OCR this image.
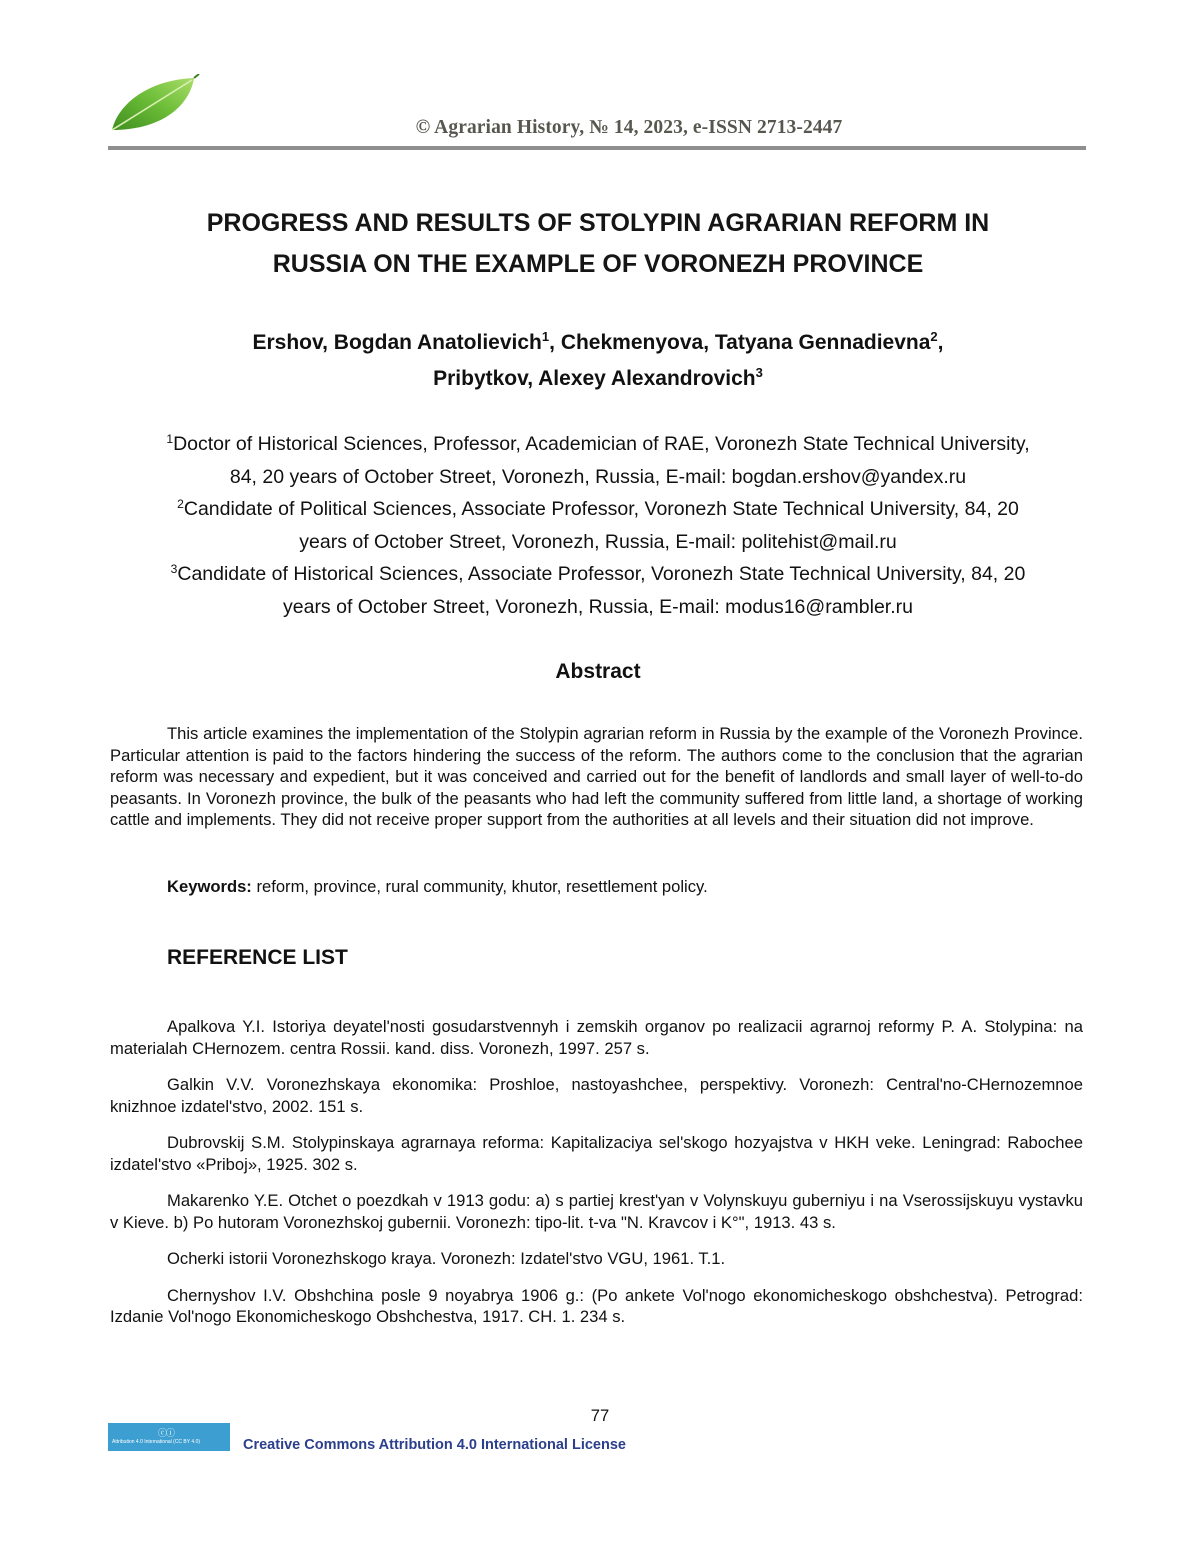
© Agrarian History, № 14, 2023, e-ISSN 2713-2447
PROGRESS AND RESULTS OF STOLYPIN AGRARIAN REFORM IN
RUSSIA ON THE EXAMPLE OF VORONEZH PROVINCE
Ershov, Bogdan Anatolievich$^1$, Chekmenyova, Tatyana Gennadievna$^2$,
Pribytkov, Alexey Alexandrovich$^3$
$^1$Doctor of Historical Sciences, Professor, Academician of RAE, Voronezh State Technical University,
84, 20 years of October Street, Voronezh, Russia, E-mail: bogdan.ershov@yandex.ru
$^2$Candidate of Political Sciences, Associate Professor, Voronezh State Technical University, 84, 20
years of October Street, Voronezh, Russia, E-mail: politehist@mail.ru
$^3$Candidate of Historical Sciences, Associate Professor, Voronezh State Technical University, 84, 20
years of October Street, Voronezh, Russia, E-mail: modus16@rambler.ru
Abstract

This article examines the implementation of the Stolypin agrarian reform in Russia by the example of the Voronezh Province. Particular attention is paid to the factors hindering the success of the reform. The authors come to the conclusion that the agrarian reform was necessary and expedient, but it was conceived and carried out for the benefit of landlords and small layer of well-to-do peasants. In Voronezh province, the bulk of the peasants who had left the community suffered from little land, a shortage of working cattle and implements. They did not receive proper support from the authorities at all levels and their situation did not improve.

Keywords: reform, province, rural community, khutor, resettlement policy.
REFERENCE LIST

Apalkova Y.I. Istoriya deyatel'nosti gosudarstvennyh i zemskih organov po realizacii agrarnoj reformy P. A. Stolypina: na materialah CHernozem. centra Rossii. kand. diss. Voronezh, 1997. 257 s.

Galkin V.V. Voronezhskaya ekonomika: Proshloe, nastoyashchee, perspektivy. Voronezh: Central'no-CHernozemnoe knizhnoe izdatel'stvo, 2002. 151 s.

Dubrovskij S.M. Stolypinskaya agrarnaya reforma: Kapitalizaciya sel'skogo hozyajstva v HKH veke. Leningrad: Rabochee izdatel'stvo «Priboj», 1925. 302 s.

Makarenko Y.E. Otchet o poezdkah v 1913 godu: a) s partiej krest'yan v Volynskuyu guberniyu i na Vserossijskuyu vystavku v Kieve. b) Po hutoram Voronezhskoj gubernii. Voronezh: tipo-lit. t-va "N. Kravcov i K°", 1913. 43 s.

Ocherki istorii Voronezhskogo kraya. Voronezh: Izdatel'stvo VGU, 1961. T.1.

Chernyshov I.V. Obshchina posle 9 noyabrya 1906 g.: (Po ankete Vol'nogo ekonomicheskogo obshchestva). Petrograd: Izdanie Vol'nogo Ekonomicheskogo Obshchestva, 1917. CH. 1. 234 s.

77
ⓒⓘ
Attribution 4.0 International (CC BY 4.0)	Creative Commons Attribution 4.0 International License
